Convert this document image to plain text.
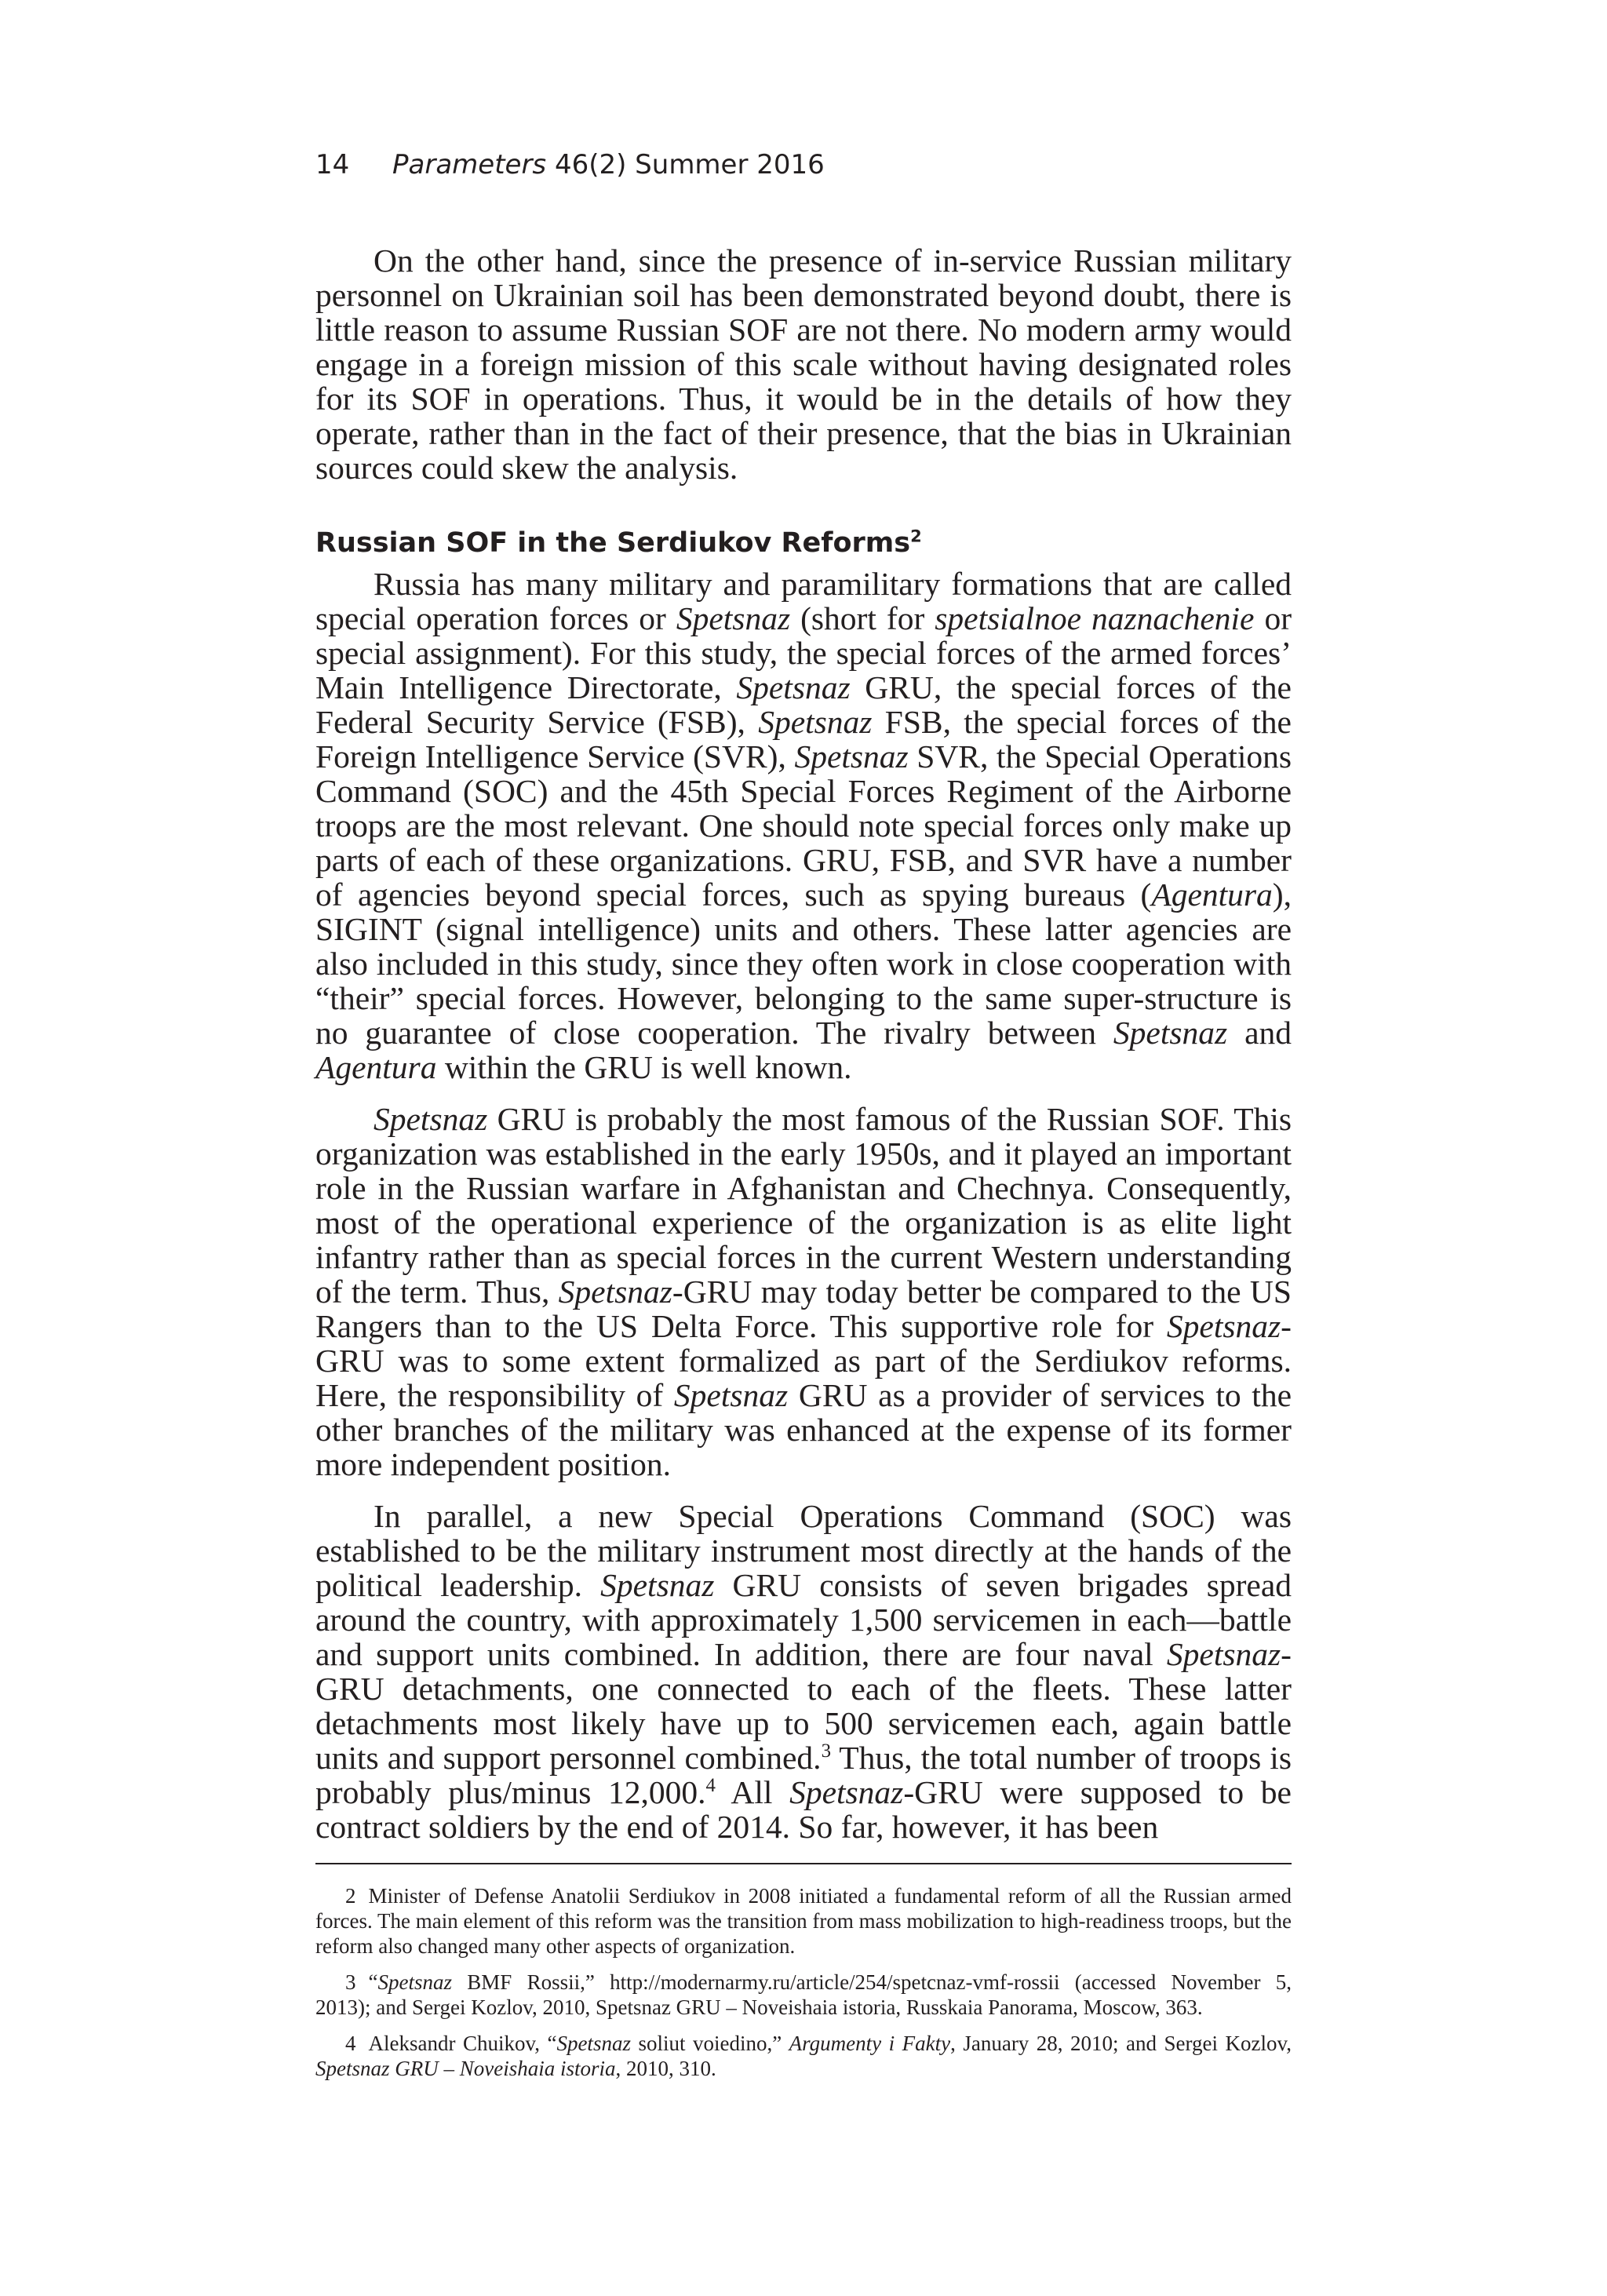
14 Parameters 46(2) Summer 2016

On the other hand, since the presence of in-service Russian military personnel on Ukrainian soil has been demonstrated beyond doubt, there is little reason to assume Russian SOF are not there. No modern army would engage in a foreign mission of this scale without having designated roles for its SOF in operations. Thus, it would be in the details of how they operate, rather than in the fact of their presence, that the bias in Ukrainian sources could skew the analysis.

Russian SOF in the Serdiukov Reforms$^2$

Russia has many military and paramilitary formations that are called special operation forces or Spetsnaz (short for spetsialnoe naznachenie or special assignment). For this study, the special forces of the armed forces’ Main Intelligence Directorate, Spetsnaz GRU, the special forces of the Federal Security Service (FSB), Spetsnaz FSB, the special forces of the Foreign Intelligence Service (SVR), Spetsnaz SVR, the Special Operations Command (SOC) and the 45th Special Forces Regiment of the Airborne troops are the most relevant. One should note special forces only make up parts of each of these organizations. GRU, FSB, and SVR have a number of agencies beyond special forces, such as spying bureaus (Agentura), SIGINT (signal intelligence) units and others. These latter agencies are also included in this study, since they often work in close cooperation with “their” special forces. However, belonging to the same super-structure is no guarantee of close cooperation. The rivalry between Spetsnaz and Agentura within the GRU is well known.

Spetsnaz GRU is probably the most famous of the Russian SOF. This organization was established in the early 1950s, and it played an important role in the Russian warfare in Afghanistan and Chechnya. Consequently, most of the operational experience of the organization is as elite light infantry rather than as special forces in the current Western understanding of the term. Thus, Spetsnaz-GRU may today better be compared to the US Rangers than to the US Delta Force. This supportive role for Spetsnaz-GRU was to some extent formalized as part of the Serdiukov reforms. Here, the responsibility of Spetsnaz GRU as a provider of services to the other branches of the military was enhanced at the expense of its former more independent position.

In parallel, a new Special Operations Command (SOC) was established to be the military instrument most directly at the hands of the political leadership. Spetsnaz GRU consists of seven brigades spread around the country, with approximately 1,500 servicemen in each—battle and support units combined. In addition, there are four naval Spetsnaz-GRU detachments, one connected to each of the fleets. These latter detachments most likely have up to 500 servicemen each, again battle units and support personnel combined.$^3$ Thus, the total number of troops is probably plus/minus 12,000.$^4$ All Spetsnaz-GRU were supposed to be contract soldiers by the end of 2014. So far, however, it has been

2 Minister of Defense Anatolii Serdiukov in 2008 initiated a fundamental reform of all the Russian armed forces. The main element of this reform was the transition from mass mobilization to high-readiness troops, but the reform also changed many other aspects of organization.

3 “Spetsnaz BMF Rossii,” http://modernarmy.ru/article/254/spetcnaz-vmf-rossii (accessed November 5, 2013); and Sergei Kozlov, 2010, Spetsnaz GRU – Noveishaia istoria, Russkaia Panorama, Moscow, 363.

4 Aleksandr Chuikov, “Spetsnaz soliut voiedino,” Argumenty i Fakty, January 28, 2010; and Sergei Kozlov, Spetsnaz GRU – Noveishaia istoria, 2010, 310.
